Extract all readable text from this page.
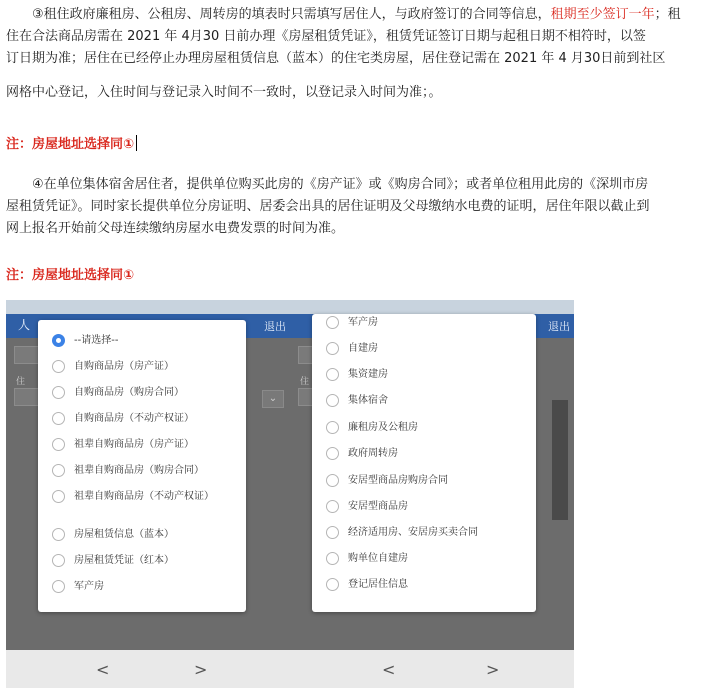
③租住政府廉租房、公租房、周转房的填表时只需填写居住人，与政府签订的合同等信息，租期至少签订一年；租
住在合法商品房需在 2021 年 4月30 日前办理《房屋租赁凭证》，租赁凭证签订日期与起租日期不相符时，以签
订日期为准；居住在已经停止办理房屋租赁信息（蓝本）的住宅类房屋，居住登记需在 2021 年 4 月30日前到社区
网格中心登记，入住时间与登记录入时间不一致时，以登记录入时间为准；。
注：房屋地址选择同①
④在单位集体宿舍居住者，提供单位购买此房的《房产证》或《购房合同》；或者单位租用此房的《深圳市房
屋租赁凭证》。同时家长提供单位分房证明、居委会出具的居住证明及父母缴纳水电费的证明，居住年限以截止到
网上报名开始前父母连续缴纳房屋水电费发票的时间为准。
注：房屋地址选择同①
人	退出
住
⌄
<	>
--请选择--
自购商品房（房产证）
自购商品房（购房合同）
自购商品房（不动产权证）
祖辈自购商品房（房产证）
祖辈自购商品房（购房合同）
祖辈自购商品房（不动产权证）
房屋租赁信息（蓝本）
房屋租赁凭证（红本）
军产房
退出
住
<	>
军产房
自建房
集资建房
集体宿舍
廉租房及公租房
政府周转房
安居型商品房购房合同
安居型商品房
经济适用房、安居房买卖合同
购单位自建房
登记居住信息
